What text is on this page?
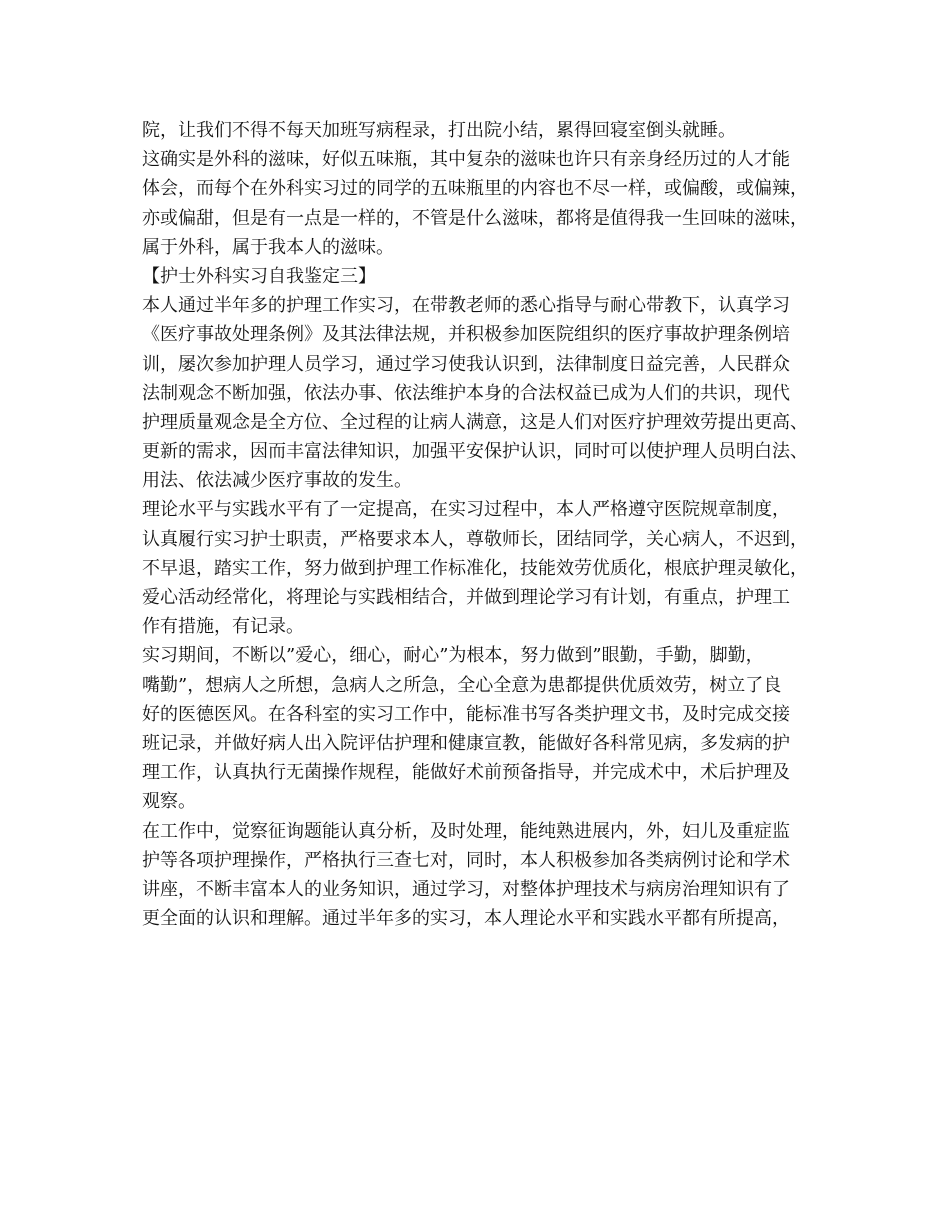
院，让我们不得不每天加班写病程录，打出院小结，累得回寝室倒头就睡。
这确实是外科的滋味，好似五味瓶，其中复杂的滋味也许只有亲身经历过的人才能
体会，而每个在外科实习过的同学的五味瓶里的内容也不尽一样，或偏酸，或偏辣，
亦或偏甜，但是有一点是一样的，不管是什么滋味，都将是值得我一生回味的滋味，
属于外科，属于我本人的滋味。
【护士外科实习自我鉴定三】
本人通过半年多的护理工作实习，在带教老师的悉心指导与耐心带教下，认真学习
《医疗事故处理条例》及其法律法规，并积极参加医院组织的医疗事故护理条例培
训，屡次参加护理人员学习，通过学习使我认识到，法律制度日益完善，人民群众
法制观念不断加强，依法办事、依法维护本身的合法权益已成为人们的共识，现代
护理质量观念是全方位、全过程的让病人满意，这是人们对医疗护理效劳提出更高、
更新的需求，因而丰富法律知识，加强平安保护认识，同时可以使护理人员明白法、
用法、依法减少医疗事故的发生。
理论水平与实践水平有了一定提高，在实习过程中，本人严格遵守医院规章制度，
认真履行实习护士职责，严格要求本人，尊敬师长，团结同学，关心病人，不迟到，
不早退，踏实工作，努力做到护理工作标准化，技能效劳优质化，根底护理灵敏化，
爱心活动经常化，将理论与实践相结合，并做到理论学习有计划，有重点，护理工
作有措施，有记录。
实习期间，不断以”爱心，细心，耐心”为根本，努力做到”眼勤，手勤，脚勤，
嘴勤”，想病人之所想，急病人之所急，全心全意为患都提供优质效劳，树立了良
好的医德医风。在各科室的实习工作中，能标准书写各类护理文书，及时完成交接
班记录，并做好病人出入院评估护理和健康宣教，能做好各科常见病，多发病的护
理工作，认真执行无菌操作规程，能做好术前预备指导，并完成术中，术后护理及
观察。
在工作中，觉察征询题能认真分析，及时处理，能纯熟进展内，外，妇儿及重症监
护等各项护理操作，严格执行三查七对，同时，本人积极参加各类病例讨论和学术
讲座，不断丰富本人的业务知识，通过学习，对整体护理技术与病房治理知识有了
更全面的认识和理解。通过半年多的实习，本人理论水平和实践水平都有所提高，
